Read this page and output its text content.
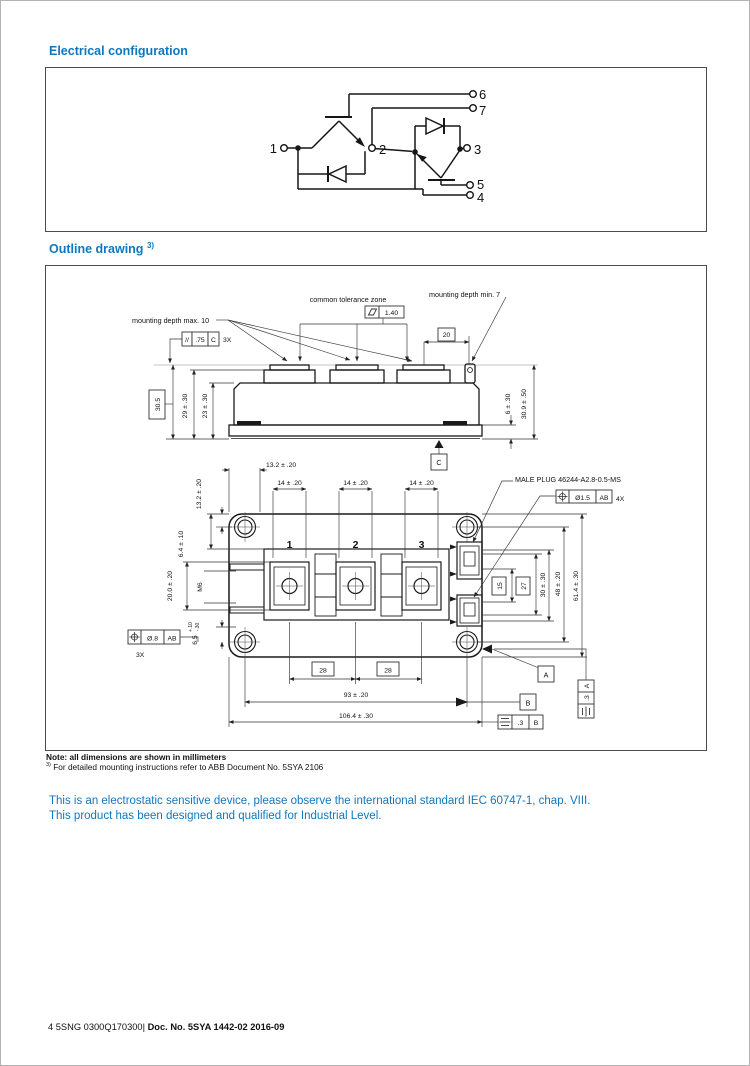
Electrical configuration
1	2	3
6
7
5
4
Outline drawing $^{3)}$
30.5	29 ± .30 23 ± .30	6 ± .30 30.9 ± .50
// .75 C 3X
mounting depth max. 10
common tolerance zone
1.40
mounting depth min. 7
20
C
1	2	3
Ø.8 AB
3X
Ø1.5 AB 4X
MALE PLUG 46244-A2.8-0.5-MS
13.2 ± .20
14 ± .20	14 ± .20	14 ± .20
13.2 ± .20
6.4 ± .10
20.0 ± .20	M6
6.5
+.10 -.30
15	27 30 ± .30 48 ± .20 61.4 ± .30
28	28
93 ± .20
106.4 ± .30
B
A
.3 B
A
.3
Note: all dimensions are shown in millimeters
$^{3)}$ For detailed mounting instructions refer to ABB Document No. 5SYA 2106
This is an electrostatic sensitive device, please observe the international standard IEC 60747-1, chap. VIII.
This product has been designed and qualified for Industrial Level.
4 5SNG 0300Q170300| Doc. No. 5SYA 1442-02 2016-09
